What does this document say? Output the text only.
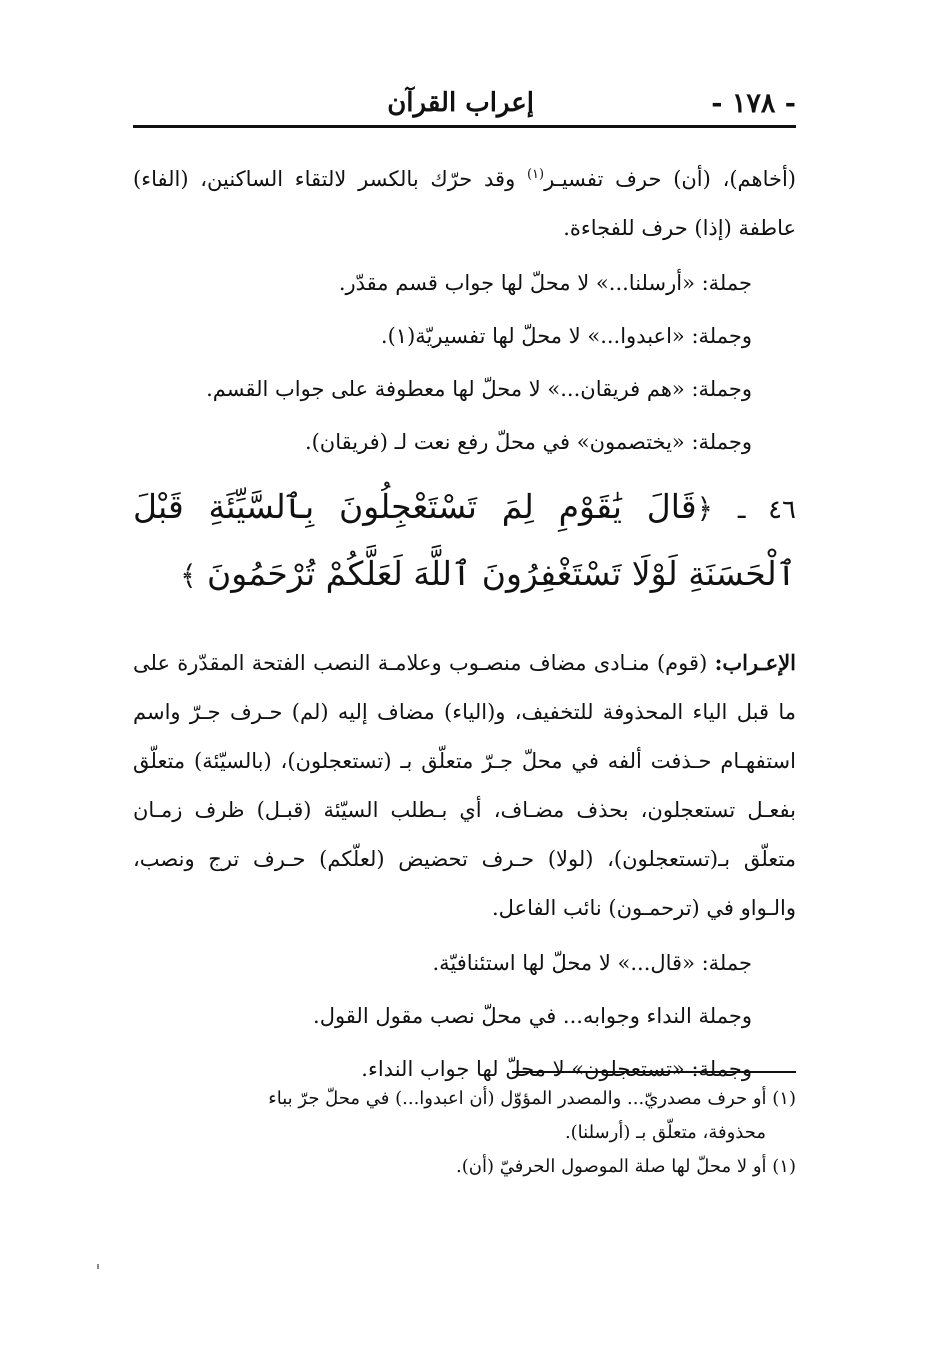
- ١٧٨ -
إعراب القرآن

(أخاهم)، (أن) حرف تفسيـر$^{(١)}$ وقد حرّك بالكسر لالتقاء الساكنين، (الفاء) عاطفة (إذا) حرف للفجاءة.

جملة: «أرسلنا...» لا محلّ لها جواب قسم مقدّر.

وجملة: «اعبدوا...» لا محلّ لها تفسيريّة(١).

وجملة: «هم فريقان...» لا محلّ لها معطوفة على جواب القسم.

وجملة: «يختصمون» في محلّ رفع نعت لـ (فريقان).

٤٦ ـ ﴿قَالَ يَٰقَوْمِ لِمَ تَسْتَعْجِلُونَ بِٱلسَّيِّئَةِ قَبْلَ ٱلْحَسَنَةِ لَوْلَا تَسْتَغْفِرُونَ ٱللَّهَ لَعَلَّكُمْ تُرْحَمُونَ ﴾

الإعـراب: (قوم) منـادى مضاف منصـوب وعلامـة النصب الفتحة المقدّرة على ما قبل الياء المحذوفة للتخفيف، و(الياء) مضاف إليه (لم) حـرف جـرّ واسم استفهـام حـذفت ألفه في محلّ جـرّ متعلّق بـ (تستعجلون)، (بالسيّئة) متعلّق بفعـل تستعجلون، بحذف مضـاف، أي بـطلب السيّئة (قبـل) ظرف زمـان متعلّق بـ(تستعجلون)، (لولا) حـرف تحضيض (لعلّكم) حـرف ترج ونصب، والـواو في (ترحمـون) نائب الفاعل.

جملة: «قال...» لا محلّ لها استئنافيّة.

وجملة النداء وجوابه... في محلّ نصب مقول القول.

وجملة: «تستعجلون» لا محلّ لها جواب النداء.

(١) أو حرف مصدريّ... والمصدر المؤوّل (أن اعبدوا...) في محلّ جرّ بباء

محذوفة، متعلّق بـ (أرسلنا).

(١) أو لا محلّ لها صلة الموصول الحرفيّ (أن).
